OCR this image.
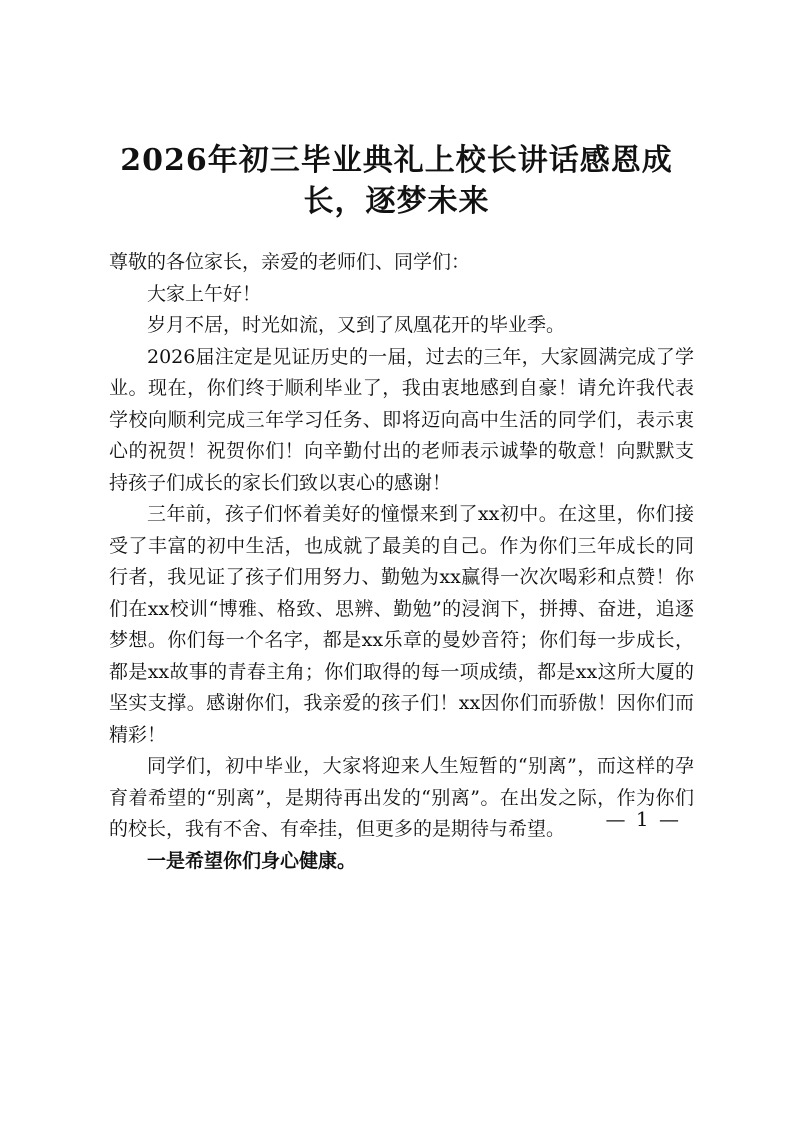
2026年初三毕业典礼上校长讲话感恩成长，逐梦未来

尊敬的各位家长，亲爱的老师们、同学们：

大家上午好！

岁月不居，时光如流，又到了凤凰花开的毕业季。

2026届注定是见证历史的一届，过去的三年，大家圆满完成了学业。现在，你们终于顺利毕业了，我由衷地感到自豪！请允许我代表学校向顺利完成三年学习任务、即将迈向高中生活的同学们，表示衷心的祝贺！祝贺你们！向辛勤付出的老师表示诚挚的敬意！向默默支持孩子们成长的家长们致以衷心的感谢！

三年前，孩子们怀着美好的憧憬来到了xx初中。在这里，你们接受了丰富的初中生活，也成就了最美的自己。作为你们三年成长的同行者，我见证了孩子们用努力、勤勉为xx赢得一次次喝彩和点赞！你们在xx校训“博雅、格致、思辨、勤勉”的浸润下，拼搏、奋进，追逐梦想。你们每一个名字，都是xx乐章的曼妙音符；你们每一步成长，都是xx故事的青春主角；你们取得的每一项成绩，都是xx这所大厦的坚实支撑。感谢你们，我亲爱的孩子们！xx因你们而骄傲！因你们而精彩！

同学们，初中毕业，大家将迎来人生短暂的“别离”，而这样的孕育着希望的“别离”，是期待再出发的“别离”。在出发之际，作为你们的校长，我有不舍、有牵挂，但更多的是期待与希望。

一是希望你们身心健康。

— 1 —
